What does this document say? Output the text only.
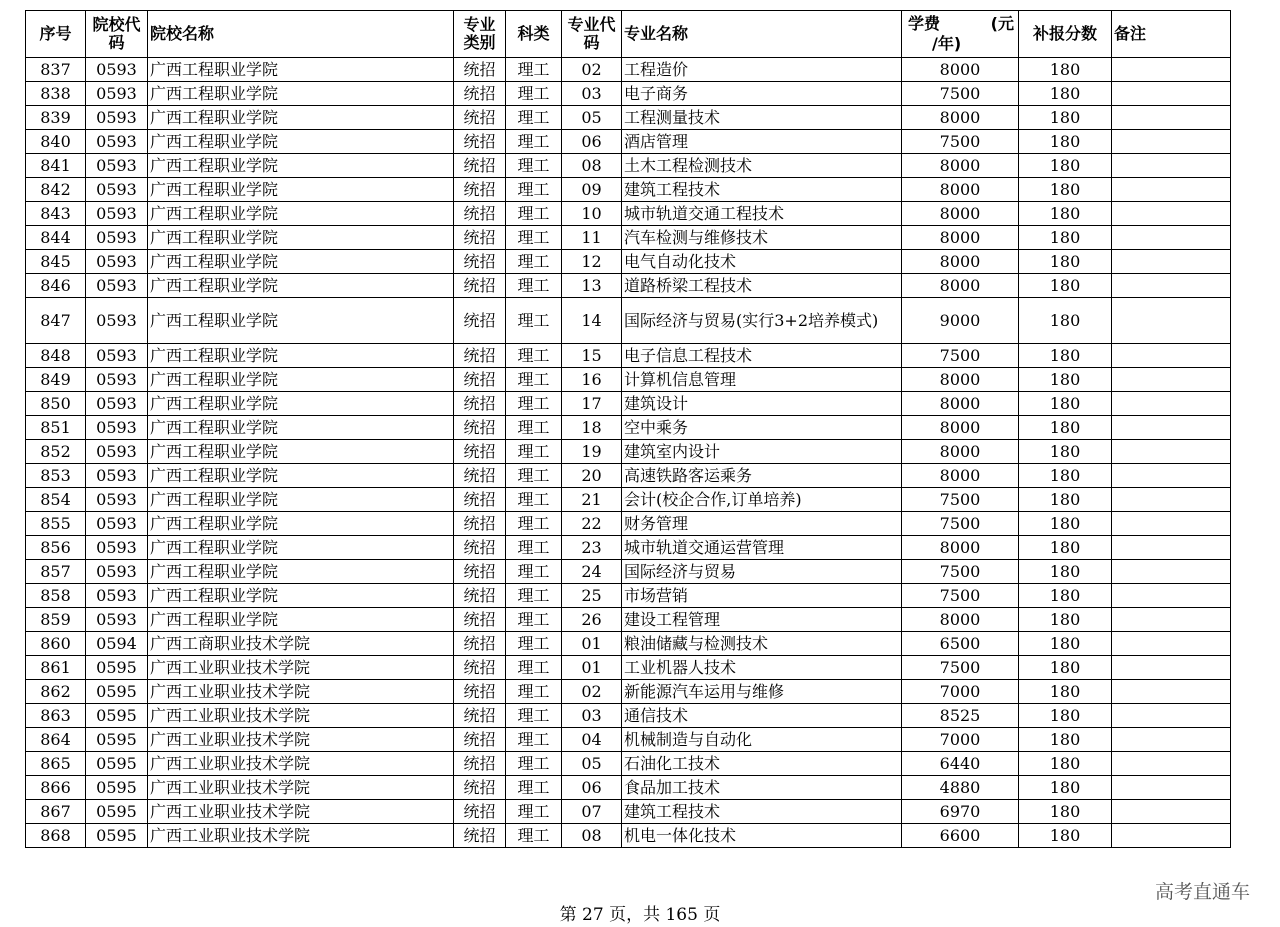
序号	院校代码	院校名称	专业类别	科类	专业代码	专业名称	学费 (元
/年)	补报分数	备注
837	0593	广西工程职业学院	统招	理工	02	工程造价	8000	180	
838	0593	广西工程职业学院	统招	理工	03	电子商务	7500	180	
839	0593	广西工程职业学院	统招	理工	05	工程测量技术	8000	180	
840	0593	广西工程职业学院	统招	理工	06	酒店管理	7500	180	
841	0593	广西工程职业学院	统招	理工	08	土木工程检测技术	8000	180	
842	0593	广西工程职业学院	统招	理工	09	建筑工程技术	8000	180	
843	0593	广西工程职业学院	统招	理工	10	城市轨道交通工程技术	8000	180	
844	0593	广西工程职业学院	统招	理工	11	汽车检测与维修技术	8000	180	
845	0593	广西工程职业学院	统招	理工	12	电气自动化技术	8000	180	
846	0593	广西工程职业学院	统招	理工	13	道路桥梁工程技术	8000	180	
847	0593	广西工程职业学院	统招	理工	14	国际经济与贸易(实行3+2培养模式)	9000	180	
848	0593	广西工程职业学院	统招	理工	15	电子信息工程技术	7500	180	
849	0593	广西工程职业学院	统招	理工	16	计算机信息管理	8000	180	
850	0593	广西工程职业学院	统招	理工	17	建筑设计	8000	180	
851	0593	广西工程职业学院	统招	理工	18	空中乘务	8000	180	
852	0593	广西工程职业学院	统招	理工	19	建筑室内设计	8000	180	
853	0593	广西工程职业学院	统招	理工	20	高速铁路客运乘务	8000	180	
854	0593	广西工程职业学院	统招	理工	21	会计(校企合作,订单培养)	7500	180	
855	0593	广西工程职业学院	统招	理工	22	财务管理	7500	180	
856	0593	广西工程职业学院	统招	理工	23	城市轨道交通运营管理	8000	180	
857	0593	广西工程职业学院	统招	理工	24	国际经济与贸易	7500	180	
858	0593	广西工程职业学院	统招	理工	25	市场营销	7500	180	
859	0593	广西工程职业学院	统招	理工	26	建设工程管理	8000	180	
860	0594	广西工商职业技术学院	统招	理工	01	粮油储藏与检测技术	6500	180	
861	0595	广西工业职业技术学院	统招	理工	01	工业机器人技术	7500	180	
862	0595	广西工业职业技术学院	统招	理工	02	新能源汽车运用与维修	7000	180	
863	0595	广西工业职业技术学院	统招	理工	03	通信技术	8525	180	
864	0595	广西工业职业技术学院	统招	理工	04	机械制造与自动化	7000	180	
865	0595	广西工业职业技术学院	统招	理工	05	石油化工技术	6440	180	
866	0595	广西工业职业技术学院	统招	理工	06	食品加工技术	4880	180	
867	0595	广西工业职业技术学院	统招	理工	07	建筑工程技术	6970	180	
868	0595	广西工业职业技术学院	统招	理工	08	机电一体化技术	6600	180	
第 27 页，共 165 页
高考直通车
